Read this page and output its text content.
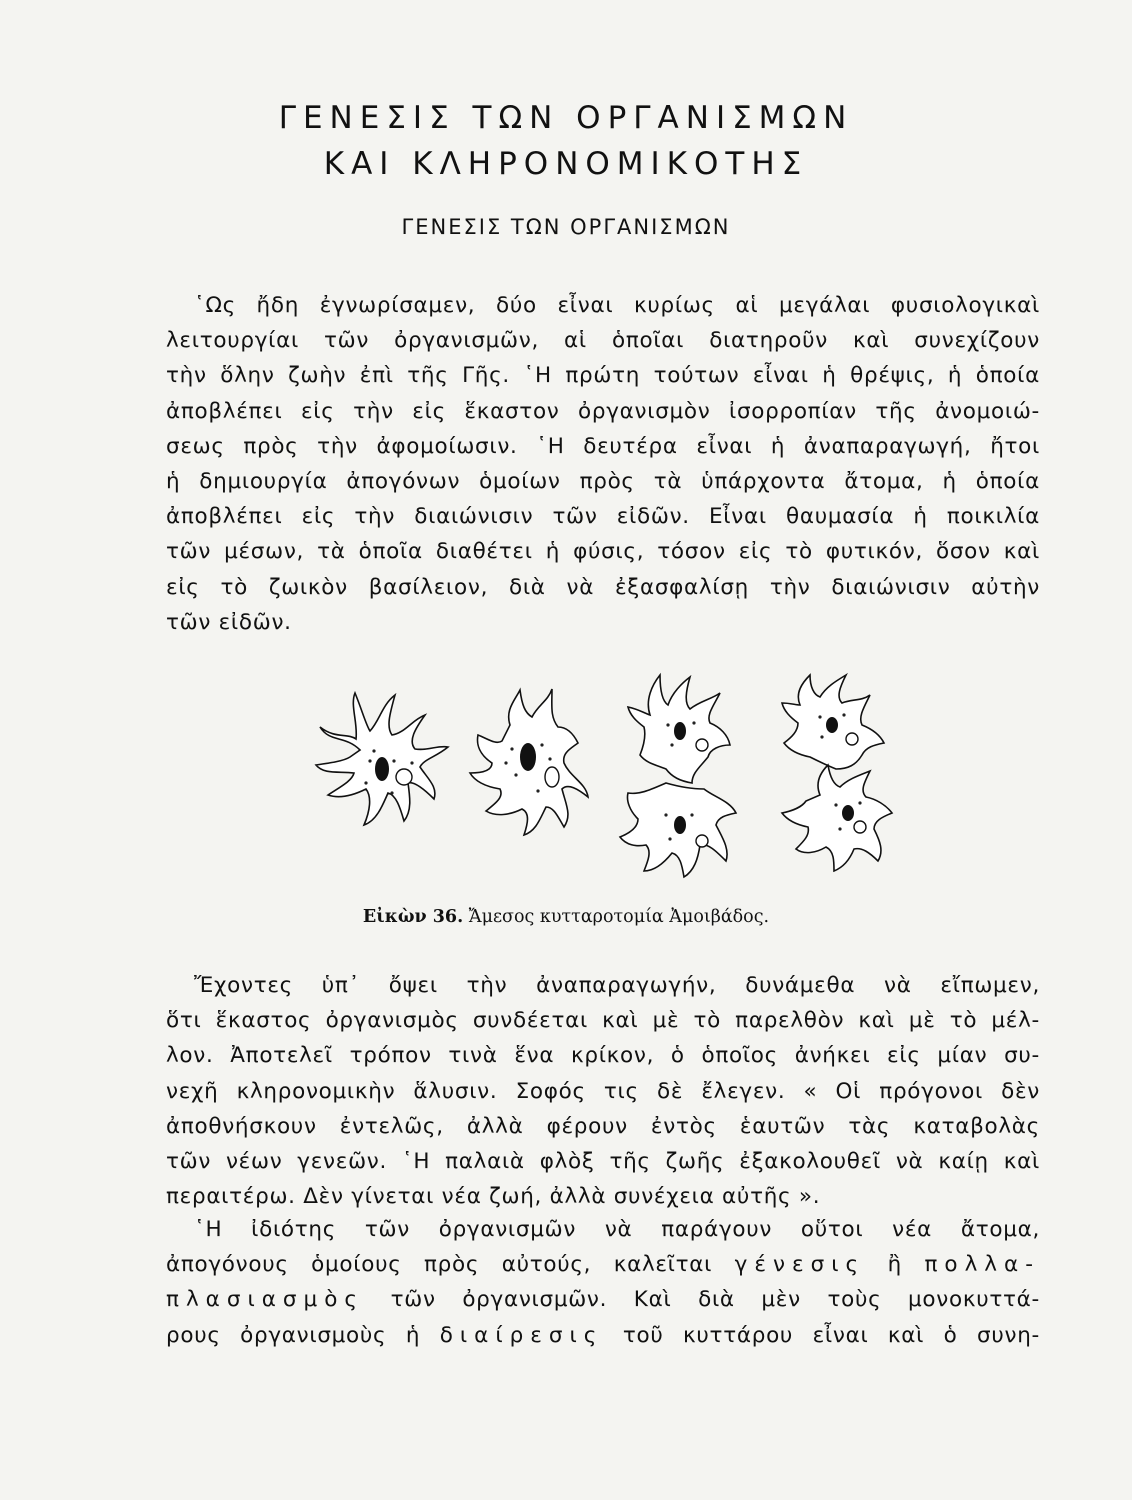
ΓΕΝΕΣΙΣ ΤΩΝ ΟΡΓΑΝΙΣΜΩΝ
ΚΑΙ ΚΛΗΡΟΝΟΜΙΚΟΤΗΣ
ΓΕΝΕΣΙΣ ΤΩΝ ΟΡΓΑΝΙΣΜΩΝ
῾Ως ἤδη ἐγνωρίσαμεν, δύο εἶναι κυρίως αἱ μεγάλαι φυσιολογικαὶ
λειτουργίαι τῶν ὀργανισμῶν, αἱ ὁποῖαι διατηροῦν καὶ συνεχίζουν
τὴν ὅλην ζωὴν ἐπὶ τῆς Γῆς. ῾Η πρώτη τούτων εἶναι ἡ θρέψις, ἡ ὁποία
ἀποβλέπει εἰς τὴν εἰς ἕκαστον ὀργανισμὸν ἰσορροπίαν τῆς ἀνομοιώ-
σεως πρὸς τὴν ἀφομοίωσιν. ῾Η δευτέρα εἶναι ἡ ἀναπαραγωγή, ἤτοι
ἡ δημιουργία ἀπογόνων ὁμοίων πρὸς τὰ ὑπάρχοντα ἄτομα, ἡ ὁποία
ἀποβλέπει εἰς τὴν διαιώνισιν τῶν εἰδῶν. Εἶναι θαυμασία ἡ ποικιλία
τῶν μέσων, τὰ ὁποῖα διαθέτει ἡ φύσις, τόσον εἰς τὸ φυτικόν, ὅσον καὶ
εἰς τὸ ζωικὸν βασίλειον, διὰ νὰ ἐξασφαλίσῃ τὴν διαιώνισιν αὐτὴν
τῶν εἰδῶν.
Εἰκὼν 36. Ἄμεσος κυτταροτομία Ἀμοιβάδος.
Ἔχοντες ὑπ᾽ ὄψει τὴν ἀναπαραγωγήν, δυνάμεθα νὰ εἴπωμεν,
ὅτι ἕκαστος ὀργανισμὸς συνδέεται καὶ μὲ τὸ παρελθὸν καὶ μὲ τὸ μέλ-
λον. Ἀποτελεῖ τρόπον τινὰ ἕνα κρίκον, ὁ ὁποῖος ἀνήκει εἰς μίαν συ-
νεχῆ κληρονομικὴν ἅλυσιν. Σοφός τις δὲ ἔλεγεν. « Οἱ πρόγονοι δὲν
ἀποθνήσκουν ἐντελῶς, ἀλλὰ φέρουν ἐντὸς ἑαυτῶν τὰς καταβολὰς
τῶν νέων γενεῶν. ῾Η παλαιὰ φλὸξ τῆς ζωῆς ἐξακολουθεῖ νὰ καίῃ καὶ
περαιτέρω. Δὲν γίνεται νέα ζωή, ἀλλὰ συνέχεια αὐτῆς ».
῾Η ἰδιότης τῶν ὀργανισμῶν νὰ παράγουν οὕτοι νέα ἄτομα,
ἀπογόνους ὁμοίους πρὸς αὐτούς, καλεῖται γένεσις ἢ πολλα-
πλασιασμὸς τῶν ὀργανισμῶν. Καὶ διὰ μὲν τοὺς μονοκυττά-
ρους ὀργανισμοὺς ἡ διαίρεσις τοῦ κυττάρου εἶναι καὶ ὁ συνη-
